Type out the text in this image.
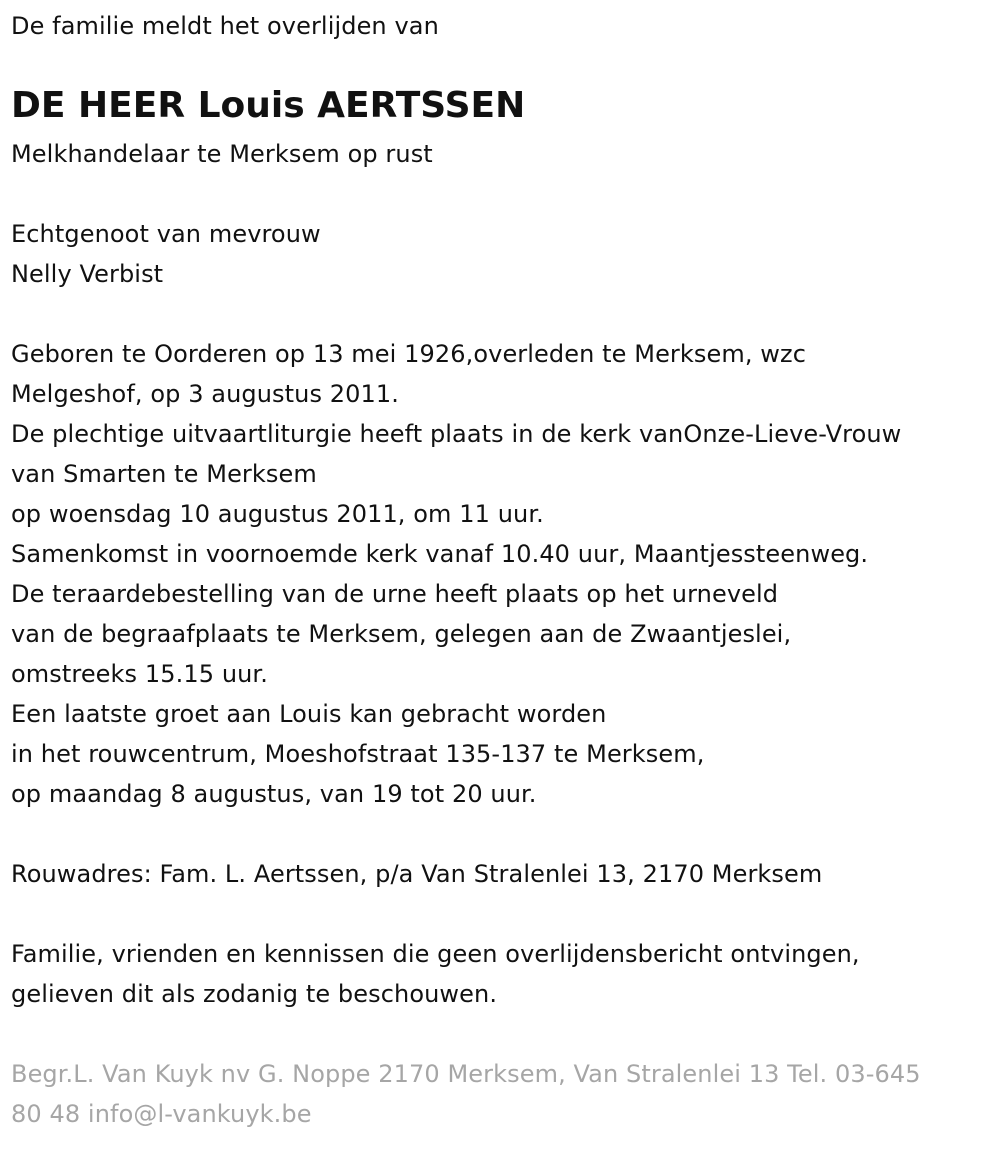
De familie meldt het overlijden van
DE HEER Louis AERTSSEN
Melkhandelaar te Merksem op rust
Echtgenoot van mevrouw
Nelly Verbist
Geboren te Oorderen op 13 mei 1926,overleden te Merksem, wzc
Melgeshof, op 3 augustus 2011.
De plechtige uitvaartliturgie heeft plaats in de kerk vanOnze-Lieve-Vrouw
van Smarten te Merksem
op woensdag 10 augustus 2011, om 11 uur.
Samenkomst in voornoemde kerk vanaf 10.40 uur, Maantjessteenweg.
De teraardebestelling van de urne heeft plaats op het urneveld
van de begraafplaats te Merksem, gelegen aan de Zwaantjeslei,
omstreeks 15.15 uur.
Een laatste groet aan Louis kan gebracht worden
in het rouwcentrum, Moeshofstraat 135-137 te Merksem,
op maandag 8 augustus, van 19 tot 20 uur.
Rouwadres: Fam. L. Aertssen, p/a Van Stralenlei 13, 2170 Merksem
Familie, vrienden en kennissen die geen overlijdensbericht ontvingen,
gelieven dit als zodanig te beschouwen.
Begr.L. Van Kuyk nv G. Noppe 2170 Merksem, Van Stralenlei 13 Tel. 03-645
80 48 info@l-vankuyk.be
